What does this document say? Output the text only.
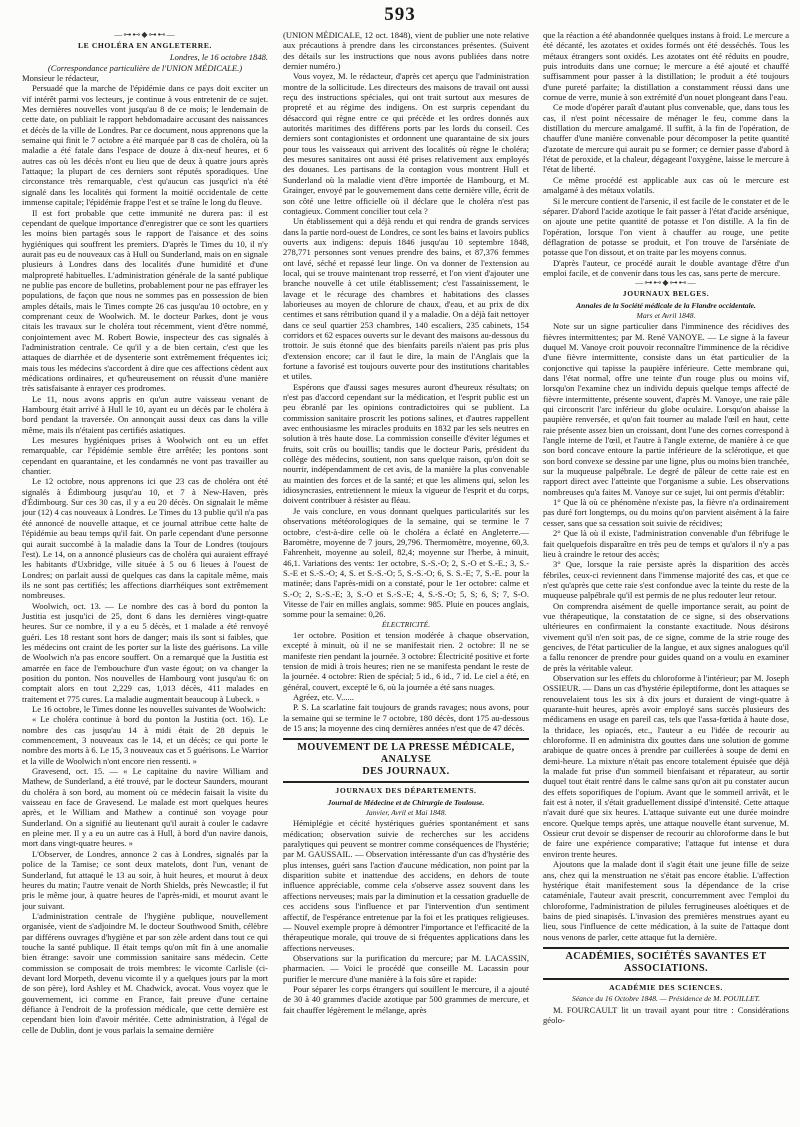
593
—⊶⊷◆⊶⊷—
LE CHOLÉRA EN ANGLETERRE.
Londres, le 16 octobre 1848.
(Correspondance particulière de l'UNION MÉDICALE.)

Monsieur le rédacteur,

Persuadé que la marche de l'épidémie dans ce pays doit exciter un vif intérêt parmi vos lecteurs, je continue à vous entretenir de ce sujet. Mes dernières nouvelles vont jusqu'au 8 de ce mois; le lendemain de cette date, on publiait le rapport hebdomadaire accusant des naissances et décès de la ville de Londres. Par ce document, nous apprenons que la semaine qui finit le 7 octobre a été marquée par 8 cas de choléra, où la maladie a été fatale dans l'espace de douze à dix-neuf heures, et 6 autres cas où les décès n'ont eu lieu que de deux à quatre jours après l'attaque; la plupart de ces derniers sont réputés sporadiques. Une circonstance très remarquable, c'est qu'aucun cas jusqu'ici n'a été signalé dans les localités qui forment la moitié occidentale de cette immense capitale; l'épidémie frappe l'est et se traîne le long du fleuve.

Il est fort probable que cette immunité ne durera pas: il est cependant de quelque importance d'enregistrer que ce sont les quartiers les moins bien partagés sous le rapport de l'aisance et des soins hygiéniques qui souffrent les premiers. D'après le Times du 10, il n'y aurait pas eu de nouveaux cas à Hull ou Sunderland, mais on en signale plusieurs à Londres dans des localités d'une humidité et d'une malpropreté habituelles. L'administration générale de la santé publique ne publie pas encore de bulletins, probablement pour ne pas effrayer les populations, de façon que nous ne sommes pas en possession de bien amples détails, mais le Times compte 26 cas jusqu'au 10 octobre, en y comprenant ceux de Woolwich. M. le docteur Parkes, dont je vous citais les travaux sur le choléra tout récemment, vient d'être nommé, conjointement avec M. Robert Bowie, inspecteur des cas signalés à l'administration centrale. Ce qu'il y a de bien certain, c'est que les attaques de diarrhée et de dysenterie sont extrêmement fréquentes ici; mais tous les médecins s'accordent à dire que ces affections cèdent aux médications ordinaires, et qu'heureusement on réussit d'une manière très satisfaisante à enrayer ces prodromes.

Le 11, nous avons appris en qu'un autre vaisseau venant de Hambourg était arrivé à Hull le 10, ayant eu un décès par le choléra à bord pendant la traversée. On annonçait aussi deux cas dans la ville même, mais ils n'étaient pas certifiés asiatiques.

Les mesures hygiéniques prises à Woolwich ont eu un effet remarquable, car l'épidémie semble être arrêtée; les pontons sont cependant en quarantaine, et les condamnés ne vont pas travailler au chantier.

Le 12 octobre, nous apprenons ici que 23 cas de choléra ont été signalés à Édimbourg jusqu'au 10, et 7 à New-Haven, près d'Édimbourg. Sur ces 30 cas, il y a eu 20 décès. On signalait le même jour (12) 4 cas nouveaux à Londres. Le Times du 13 publie qu'il n'a pas été annoncé de nouvelle attaque, et ce journal attribue cette halte de l'épidémie au beau temps qu'il fait. On parle cependant d'une personne qui aurait succombé à la maladie dans la Tour de Londres (toujours l'est). Le 14, on a annoncé plusieurs cas de choléra qui auraient effrayé les habitants d'Uxbridge, ville située à 5 ou 6 lieues à l'ouest de Londres; on parlait aussi de quelques cas dans la capitale même, mais ils ne sont pas certifiés; les affections diarrhéiques sont extrêmement nombreuses.

Woolwich, oct. 13. — Le nombre des cas à bord du ponton la Justitia est jusqu'ici de 25, dont 6 dans les dernières vingt-quatre heures. Sur ce nombre, il y a eu 5 décès, et 1 malade a été renvoyé guéri. Les 18 restant sont hors de danger; mais ils sont si faibles, que les médecins ont craint de les porter sur la liste des guérisons. La ville de Woolwich n'a pas encore souffert. On a remarqué que la Justitia est amarrée en face de l'embouchure d'un vaste égout; on va changer la position du ponton. Nos nouvelles de Hambourg vont jusqu'au 6: on comptait alors en tout 2,229 cas, 1,013 décès, 411 malades en traitement et 775 cures. La maladie augmentait beaucoup à Lubeck. »

Le 16 octobre, le Times donne les nouvelles suivantes de Woolwich:

« Le choléra continue à bord du ponton la Justitia (oct. 16). Le nombre des cas jusqu'au 14 à midi était de 28 depuis le commencement, 3 nouveaux cas le 14, et un décès; ce qui porte le nombre des morts à 6. Le 15, 3 nouveaux cas et 5 guérisons. Le Warrior et la ville de Woolwich n'ont encore rien ressenti. »

Gravesend, oct. 15. — « Le capitaine du navire William and Mathew, de Sunderland, a été trouvé, par le docteur Saunders, mourant du choléra à son bord, au moment où ce médecin faisait la visite du vaisseau en face de Gravesend. Le malade est mort quelques heures après, et le William and Mathew a continué son voyage pour Sunderland. On a signifié au lieutenant qu'il aurait à couler le cadavre en pleine mer. Il y a eu un autre cas à Hull, à bord d'un navire danois, mort dans vingt-quatre heures. »

L'Observer, de Londres, annonce 2 cas à Londres, signalés par la police de la Tamise; ce sont deux matelots, dont l'un, venant de Sunderland, fut attaqué le 13 au soir, à huit heures, et mourut à deux heures du matin; l'autre venait de North Shields, près Newcastle; il fut pris le même jour, à quatre heures de l'après-midi, et mourut avant le jour suivant.

L'administration centrale de l'hygiène publique, nouvellement organisée, vient de s'adjoindre M. le docteur Southwood Smith, célèbre par différens ouvrages d'hygiène et par son zèle ardent dans tout ce qui touche la santé publique. Il était temps qu'on mît fin à une anomalie bien étrange: savoir une commission sanitaire sans médecin. Cette commission se composait de trois membres: le vicomte Carlisle (ci-devant lord Morpeth, devenu vicomte il y a quelques jours par la mort de son père), lord Ashley et M. Chadwick, avocat. Vous voyez que le gouvernement, ici comme en France, fait preuve d'une certaine défiance à l'endroit de la profession médicale, que cette dernière est cependant bien loin d'avoir méritée. Cette administration, à l'égal de celle de Dublin, dont je vous parlais la semaine dernière

(UNION MÉDICALE, 12 oct. 1848), vient de publier une note relative aux précautions à prendre dans les circonstances présentes. (Suivent des détails sur les instructions que nous avons publiées dans notre dernier numéro.)

Vous voyez, M. le rédacteur, d'après cet aperçu que l'administration montre de la sollicitude. Les directeurs des maisons de travail ont aussi reçu des instructions spéciales, qui ont trait surtout aux mesures de propreté et au régime des indigens. On est surpris cependant du désaccord qui règne entre ce qui précède et les ordres donnés aux autorités maritimes des différens ports par les lords du conseil. Ces derniers sont contagionistes et ordonnent une quarantaine de six jours pour tous les vaisseaux qui arrivent des localités où règne le choléra; des mesures sanitaires ont aussi été prises relativement aux employés des douanes. Les partisans de la contagion vous montrent Hull et Sunderland où la maladie vient d'être importée de Hambourg, et M. Grainger, envoyé par le gouvernement dans cette dernière ville, écrit de son côté une lettre officielle où il déclare que le choléra n'est pas contagieux. Comment concilier tout cela ?

Un établissement qui a déjà rendu et qui rendra de grands services dans la partie nord-ouest de Londres, ce sont les bains et lavoirs publics ouverts aux indigens: depuis 1846 jusqu'au 10 septembre 1848, 278,771 personnes sont venues prendre des bains, et 87,376 femmes ont lavé, séché et repassé leur linge. On va donner de l'extension au local, qui se trouve maintenant trop resserré, et l'on vient d'ajouter une branche nouvelle à cet utile établissement; c'est l'assainissement, le lavage et le récurage des chambres et habitations des classes laborieuses au moyen de chlorure de chaux, d'eau, et au prix de dix centimes et sans rétribution quand il y a maladie. On a déjà fait nettoyer dans ce seul quartier 253 chambres, 140 escaliers, 235 cabinets, 154 corridors et 62 espaces ouverts sur le devant des maisons au-dessous du trottoir. Je suis étonné que des bienfaits pareils n'aient pas pris plus d'extension encore; car il faut le dire, la main de l'Anglais que la fortune a favorisé est toujours ouverte pour des institutions charitables et utiles.

Espérons que d'aussi sages mesures auront d'heureux résultats; on n'est pas d'accord cependant sur la médication, et l'esprit public est un peu ébranlé par les opinions contradictoires qui se publient. La commission sanitaire proscrit les potions salines, et d'autres rappellent avec enthousiasme les miracles produits en 1832 par les sels neutres en solution à très haute dose. La commission conseille d'éviter légumes et fruits, soit crûs ou bouillis; tandis que le docteur Paris, président du collège des médecins, soutient, non sans quelque raison, qu'on doit se nourrir, indépendamment de cet avis, de la manière la plus convenable au maintien des forces et de la santé; et que les alimens qui, selon les idiosyncrasies, entretiennent le mieux la vigueur de l'esprit et du corps, doivent contribuer à résister au fléau.

Je vais conclure, en vous donnant quelques particularités sur les observations météorologiques de la semaine, qui se termine le 7 octobre, c'est-à-dire celle où le choléra a éclaté en Angleterre.—Baromètre, moyenne de 7 jours, 29,796. Thermomètre, moyenne, 60,3. Fahrenheit, moyenne au soleil, 82,4; moyenne sur l'herbe, à minuit, 46,1. Variations des vents: 1er octobre, S.-S.-O; 2, S.-O et S.-E.; 3, S.-S.-E et S.-S.-O; 4, S. et S.-S.-O; 5, S.-S.-O; 6, S. S.-E; 7, S.-E. pour la matinée; dans l'après-midi on a constaté, pour le 1er octobre: calme et S.-O; 2, S.-S.-E; 3, S.-O et S.-S.-E; 4, S.-S.-O; 5, S; 6, S; 7, S-O. Vitesse de l'air en milles anglais, somme: 985. Pluie en pouces anglais, somme pour la semaine: 0,26.

ÉLECTRICITÉ.

1er octobre. Position et tension modérée à chaque observation, excepté à minuit, où il ne se manifestait rien. 2 octobre: Il ne se manifeste rien pendant la journée. 3 octobre: Électricité positive et forte tension de midi à trois heures; rien ne se manifesta pendant le reste de la journée. 4 octobre: Rien de spécial; 5 id., 6 id., 7 id. Le ciel a été, en général, couvert, excepté le 6, où la journée a été sans nuages.

Agréez, etc. V......

P. S. La scarlatine fait toujours de grands ravages; nous avons, pour la semaine qui se termine le 7 octobre, 180 décès, dont 175 au-dessous de 15 ans; la moyenne des cinq dernières années n'est que de 47 décès.

MOUVEMENT DE LA PRESSE MÉDICALE, ANALYSE
DES JOURNAUX.
JOURNAUX DES DÉPARTEMENTS.
Journal de Médecine et de Chirurgie de Toulouse.
Janvier, Avril et Mai 1848.

Hémiplégie et cécité hystériques guéries spontanément et sans médication; observation suivie de recherches sur les accidens paralytiques qui peuvent se montrer comme conséquences de l'hystérie; par M. GAUSSAIL. — Observation intéressante d'un cas d'hystérie des plus intenses, guéri sans l'action d'aucune médication, non point par la disparition subite et inattendue des accidens, en dehors de toute influence appréciable, comme cela s'observe assez souvent dans les affections nerveuses; mais par la diminution et la cessation graduelle de ces accidens sous l'influence et par l'intervention d'un sentiment affectif, de l'espérance entretenue par la foi et les pratiques religieuses. — Nouvel exemple propre à démontrer l'importance et l'efficacité de la thérapeutique morale, qui trouve de si fréquentes applications dans les affections nerveuses.

Observations sur la purification du mercure; par M. LACASSIN, pharmacien. — Voici le procédé que conseille M. Lacassin pour purifier le mercure d'une manière à la fois sûre et rapide:

Pour séparer les corps étrangers qui souillent le mercure, il a ajouté de 30 à 40 grammes d'acide azotique par 500 grammes de mercure, et fait chauffer légèrement le mélange, après

que la réaction a été abandonnée quelques instans à froid. Le mercure a été décanté, les azotates et oxides formés ont été desséchés. Tous les métaux étrangers sont oxidés. Les azotates ont été réduits en poudre, puis introduits dans une cornue; le mercure a été ajouté et chauffé suffisamment pour passer à la distillation; le produit a été toujours d'une pureté parfaite; la distillation a constamment réussi dans une cornue de verre, munie à son extrémité d'un nouet plongeant dans l'eau.

Ce mode d'opérer paraît d'autant plus convenable, que, dans tous les cas, il n'est point nécessaire de ménager le feu, comme dans la distillation du mercure amalgamé. Il suffit, à la fin de l'opération, de chauffer d'une manière convenable pour décomposer la petite quantité d'azotate de mercure qui aurait pu se former; ce dernier passe d'abord à l'état de peroxide, et la chaleur, dégageant l'oxygène, laisse le mercure à l'état de liberté.

Ce même procédé est applicable aux cas où le mercure est amalgamé à des métaux volatils.

Si le mercure contient de l'arsenic, il est facile de le constater et de le séparer. D'abord l'acide azotique le fait passer à l'état d'acide arsénique, on ajoute une petite quantité de potasse et l'on distille. A la fin de l'opération, lorsque l'on vient à chauffer au rouge, une petite déflagration de potasse se produit, et l'on trouve de l'arséniate de potasse que l'on dissout, et on traite par les moyens connus.

D'après l'auteur, ce procédé aurait le double avantage d'être d'un emploi facile, et de convenir dans tous les cas, sans perte de mercure.

—⊶⊷◆⊶⊷—
JOURNAUX BELGES.
Annales de la Société médicale de la Flandre occidentale.
Mars et Avril 1848.

Note sur un signe particulier dans l'imminence des récidives des fièvres intermittentes; par M. René VANOYE. — Le signe à la faveur duquel M. Vanoye croit pouvoir reconnaître l'imminence de la récidive d'une fièvre intermittente, consiste dans un état particulier de la conjonctive qui tapisse la paupière inférieure. Cette membrane qui, dans l'état normal, offre une teinte d'un rouge plus ou moins vif, lorsqu'on l'examine chez un individu depuis quelque temps affecté de fièvre intermittente, présente souvent, d'après M. Vanoye, une raie pâle qui circonscrit l'arc inférieur du globe oculaire. Lorsqu'on abaisse la paupière renversée, et qu'on fait tourner au malade l'œil en haut, cette raie présente assez bien un croissant, dont l'une des cornes correspond à l'angle interne de l'œil, et l'autre à l'angle externe, de manière à ce que son bord concave entoure la partie inférieure de la sclérotique, et que son bord convexe se dessine par une ligne, plus ou moins bien tranchée, sur la muqueuse palpébrale. Le degré de pâleur de cette raie est en rapport direct avec l'atteinte que l'organisme a subie. Les observations nombreuses qu'a faites M. Vanoye sur ce sujet, lui ont permis d'établir:

1° Que là où ce phénomène n'existe pas, la fièvre n'a ordinairement pas duré fort longtemps, ou du moins qu'on parvient aisément à la faire cesser, sans que sa cessation soit suivie de récidives;

2° Que là où il existe, l'administration convenable d'un fébrifuge le fait quelquefois disparaître en très peu de temps et qu'alors il n'y a pas lieu à craindre le retour des accès;

3° Que, lorsque la raie persiste après la disparition des accès fébriles, ceux-ci reviennent dans l'immense majorité des cas, et que ce n'est qu'après que cette raie s'est confondue avec la teinte du reste de la muqueuse palpébrale qu'il est permis de ne plus redouter leur retour.

On comprendra aisément de quelle importance serait, au point de vue thérapeutique, la constatation de ce signe, si des observations ultérieures en confirmaient la constante exactitude. Nous désirons vivement qu'il n'en soit pas, de ce signe, comme de la strie rouge des gencives, de l'état particulier de la langue, et aux signes analogues qu'il a fallu renoncer de prendre pour guides quand on a voulu en examiner de près la véritable valeur.

Observation sur les effets du chloroforme à l'intérieur; par M. Joseph OSSIEUR. — Dans un cas d'hystérie épileptiforme, dont les attaques se renouvelaient tous les six à dix jours et duraient de vingt-quatre à quarante-huit heures, après avoir employé sans succès plusieurs des médicamens en usage en pareil cas, tels que l'assa-fœtida à haute dose, la thridace, les opiacés, etc., l'auteur a eu l'idée de recourir au chloroforme. Il en administra dix gouttes dans une solution de gomme arabique de quatre onces à prendre par cuillerées à soupe de demi en demi-heure. La mixture n'était pas encore totalement épuisée que déjà la malade fut prise d'un sommeil bienfaisant et réparateur, au sortir duquel tout était rentré dans le calme sans qu'on ait pu constater aucun des effets soporifiques de l'opium. Avant que le sommeil arrivât, et le fait est à noter, il s'était graduellement dissipé d'intensité. Cette attaque n'avait duré que six heures. L'attaque suivante eut une durée moindre encore. Quelque temps après, une attaque nouvelle étant survenue, M. Ossieur crut devoir se dispenser de recourir au chloroforme dans le but de faire une expérience comparative; l'attaque fut intense et dura environ trente heures.

Ajoutons que la malade dont il s'agit était une jeune fille de seize ans, chez qui la menstruation ne s'était pas encore établie. L'affection hystérique était manifestement sous la dépendance de la crise cataméniale, l'auteur avait prescrit, concurremment avec l'emploi du chloroforme, l'administration de pilules ferrugineuses aloétiques et de bains de pied sinapisés. L'invasion des premières menstrues ayant eu lieu, sous l'influence de cette médication, à la suite de l'attaque dont nous venons de parler, cette attaque fut la dernière.

ACADÉMIES, SOCIÉTÉS SAVANTES ET ASSOCIATIONS.
ACADÉMIE DES SCIENCES.
Séance du 16 Octobre 1848. — Présidence de M. POUILLET.

M. FOURCAULT lit un travail ayant pour titre : Considérations géolo-
